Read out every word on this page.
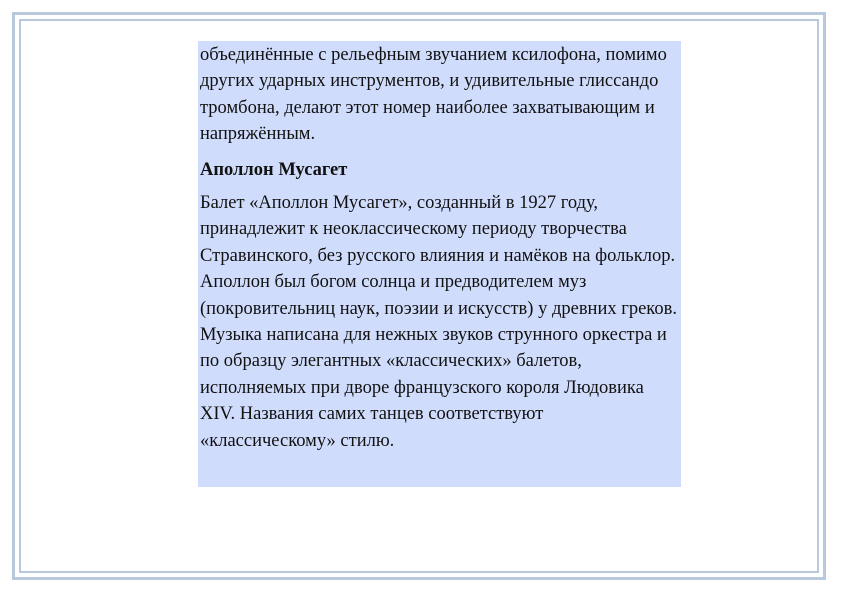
объединённые с рельефным звучанием ксилофона, помимо других ударных инструментов, и удивительные глиссандо тромбона, делают этот номер наиболее захватывающим и напряжённым.

Аполлон Мусагет

Балет «Аполлон Мусагет», созданный в 1927 году, принадлежит к неоклассическому периоду творчества Стравинского, без русского влияния и намёков на фольклор. Аполлон был богом солнца и предводителем муз (покровительниц наук, поэзии и искусств) у древних греков. Музыка написана для нежных звуков струнного оркестра и по образцу элегантных «классических» балетов, исполняемых при дворе французского короля Людовика XIV. Названия самих танцев соответствуют «классическому» стилю.
